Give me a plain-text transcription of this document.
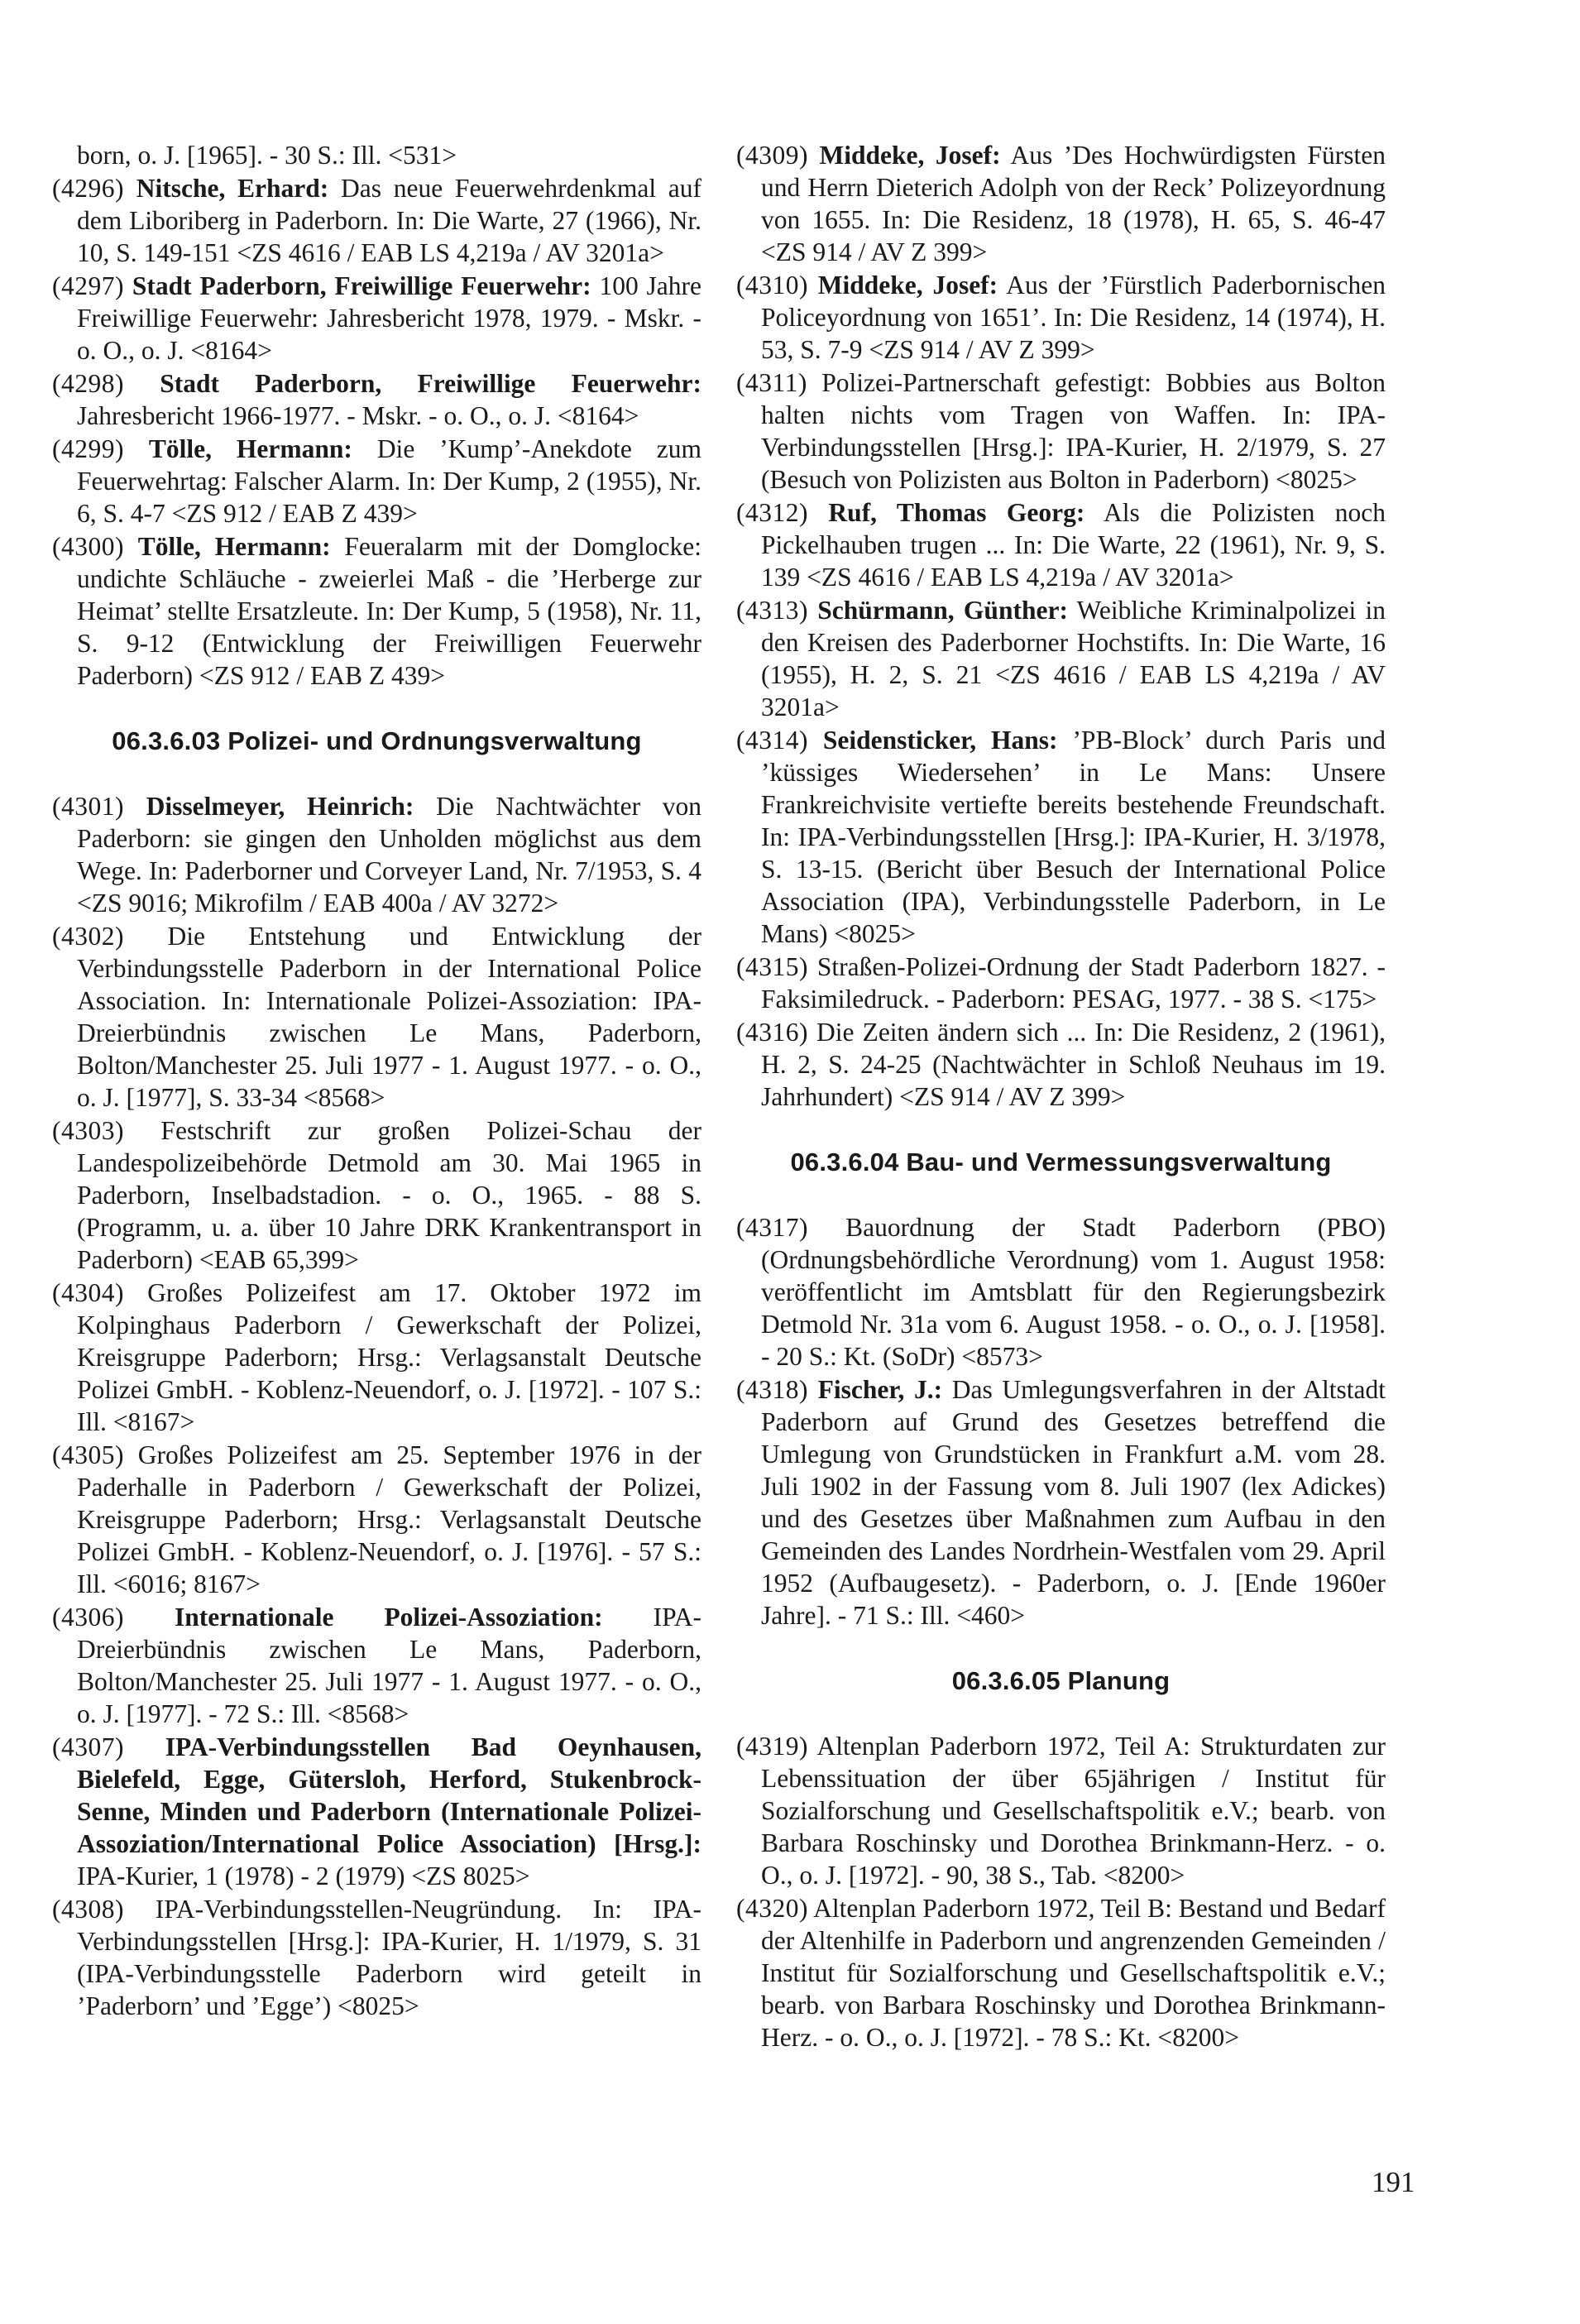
born, o. J. [1965]. - 30 S.: Ill. <531>

(4296) Nitsche, Erhard: Das neue Feuerwehrdenkmal auf dem Liboriberg in Paderborn. In: Die Warte, 27 (1966), Nr. 10, S. 149-151 <ZS 4616 / EAB LS 4,219a / AV 3201a>

(4297) Stadt Paderborn, Freiwillige Feuerwehr: 100 Jahre Freiwillige Feuerwehr: Jahresbericht 1978, 1979. - Mskr. - o. O., o. J. <8164>

(4298) Stadt Paderborn, Freiwillige Feuerwehr: Jahresbericht 1966-1977. - Mskr. - o. O., o. J. <8164>

(4299) Tölle, Hermann: Die ’Kump’-Anekdote zum Feuerwehrtag: Falscher Alarm. In: Der Kump, 2 (1955), Nr. 6, S. 4-7 <ZS 912 / EAB Z 439>

(4300) Tölle, Hermann: Feueralarm mit der Domglocke: undichte Schläuche - zweierlei Maß - die ’Herberge zur Heimat’ stellte Ersatzleute. In: Der Kump, 5 (1958), Nr. 11, S. 9-12 (Entwicklung der Freiwilligen Feuerwehr Paderborn) <ZS 912 / EAB Z 439>

06.3.6.03 Polizei- und Ordnungsverwaltung

(4301) Disselmeyer, Heinrich: Die Nachtwächter von Paderborn: sie gingen den Unholden möglichst aus dem Wege. In: Paderborner und Corveyer Land, Nr. 7/1953, S. 4 <ZS 9016; Mikrofilm / EAB 400a / AV 3272>

(4302) Die Entstehung und Entwicklung der Verbindungsstelle Paderborn in der International Police Association. In: Internationale Polizei-Assoziation: IPA-Dreierbündnis zwischen Le Mans, Paderborn, Bolton/Manchester 25. Juli 1977 - 1. August 1977. - o. O., o. J. [1977], S. 33-34 <8568>

(4303) Festschrift zur großen Polizei-Schau der Landespolizeibehörde Detmold am 30. Mai 1965 in Paderborn, Inselbadstadion. - o. O., 1965. - 88 S. (Programm, u. a. über 10 Jahre DRK Krankentransport in Paderborn) <EAB 65,399>

(4304) Großes Polizeifest am 17. Oktober 1972 im Kolpinghaus Paderborn / Gewerkschaft der Polizei, Kreisgruppe Paderborn; Hrsg.: Verlagsanstalt Deutsche Polizei GmbH. - Koblenz-Neuendorf, o. J. [1972]. - 107 S.: Ill. <8167>

(4305) Großes Polizeifest am 25. September 1976 in der Paderhalle in Paderborn / Gewerkschaft der Polizei, Kreisgruppe Paderborn; Hrsg.: Verlagsanstalt Deutsche Polizei GmbH. - Koblenz-Neuendorf, o. J. [1976]. - 57 S.: Ill. <6016; 8167>

(4306) Internationale Polizei-Assoziation: IPA-Dreierbündnis zwischen Le Mans, Paderborn, Bolton/Manchester 25. Juli 1977 - 1. August 1977. - o. O., o. J. [1977]. - 72 S.: Ill. <8568>

(4307) IPA-Verbindungsstellen Bad Oeynhausen, Bielefeld, Egge, Gütersloh, Herford, Stukenbrock-Senne, Minden und Paderborn (Internationale Polizei-Assoziation/International Police Association) [Hrsg.]: IPA-Kurier, 1 (1978) - 2 (1979) <ZS 8025>

(4308) IPA-Verbindungsstellen-Neugründung. In: IPA-Verbindungsstellen [Hrsg.]: IPA-Kurier, H. 1/1979, S. 31 (IPA-Verbindungsstelle Paderborn wird geteilt in ’Paderborn’ und ’Egge’) <8025>

(4309) Middeke, Josef: Aus ’Des Hochwürdigsten Fürsten und Herrn Dieterich Adolph von der Reck’ Polizeyordnung von 1655. In: Die Residenz, 18 (1978), H. 65, S. 46-47 <ZS 914 / AV Z 399>

(4310) Middeke, Josef: Aus der ’Fürstlich Paderbornischen Policeyordnung von 1651’. In: Die Residenz, 14 (1974), H. 53, S. 7-9 <ZS 914 / AV Z 399>

(4311) Polizei-Partnerschaft gefestigt: Bobbies aus Bolton halten nichts vom Tragen von Waffen. In: IPA-Verbindungsstellen [Hrsg.]: IPA-Kurier, H. 2/1979, S. 27 (Besuch von Polizisten aus Bolton in Paderborn) <8025>

(4312) Ruf, Thomas Georg: Als die Polizisten noch Pickelhauben trugen ... In: Die Warte, 22 (1961), Nr. 9, S. 139 <ZS 4616 / EAB LS 4,219a / AV 3201a>

(4313) Schürmann, Günther: Weibliche Kriminalpolizei in den Kreisen des Paderborner Hochstifts. In: Die Warte, 16 (1955), H. 2, S. 21 <ZS 4616 / EAB LS 4,219a / AV 3201a>

(4314) Seidensticker, Hans: ’PB-Block’ durch Paris und ’küssiges Wiedersehen’ in Le Mans: Unsere Frankreichvisite vertiefte bereits bestehende Freundschaft. In: IPA-Verbindungsstellen [Hrsg.]: IPA-Kurier, H. 3/1978, S. 13-15. (Bericht über Besuch der International Police Association (IPA), Verbindungsstelle Paderborn, in Le Mans) <8025>

(4315) Straßen-Polizei-Ordnung der Stadt Paderborn 1827. - Faksimiledruck. - Paderborn: PESAG, 1977. - 38 S. <175>

(4316) Die Zeiten ändern sich ... In: Die Residenz, 2 (1961), H. 2, S. 24-25 (Nachtwächter in Schloß Neuhaus im 19. Jahrhundert) <ZS 914 / AV Z 399>

06.3.6.04 Bau- und Vermessungsverwaltung

(4317) Bauordnung der Stadt Paderborn (PBO) (Ordnungsbehördliche Verordnung) vom 1. August 1958: veröffentlicht im Amtsblatt für den Regierungsbezirk Detmold Nr. 31a vom 6. August 1958. - o. O., o. J. [1958]. - 20 S.: Kt. (SoDr) <8573>

(4318) Fischer, J.: Das Umlegungsverfahren in der Altstadt Paderborn auf Grund des Gesetzes betreffend die Umlegung von Grundstücken in Frankfurt a.M. vom 28. Juli 1902 in der Fassung vom 8. Juli 1907 (lex Adickes) und des Gesetzes über Maßnahmen zum Aufbau in den Gemeinden des Landes Nordrhein-Westfalen vom 29. April 1952 (Aufbaugesetz). - Paderborn, o. J. [Ende 1960er Jahre]. - 71 S.: Ill. <460>

06.3.6.05 Planung

(4319) Altenplan Paderborn 1972, Teil A: Strukturdaten zur Lebenssituation der über 65jährigen / Institut für Sozialforschung und Gesellschaftspolitik e.V.; bearb. von Barbara Roschinsky und Dorothea Brinkmann-Herz. - o. O., o. J. [1972]. - 90, 38 S., Tab. <8200>

(4320) Altenplan Paderborn 1972, Teil B: Bestand und Bedarf der Altenhilfe in Paderborn und angrenzenden Gemeinden / Institut für Sozialforschung und Gesellschaftspolitik e.V.; bearb. von Barbara Roschinsky und Dorothea Brinkmann-Herz. - o. O., o. J. [1972]. - 78 S.: Kt. <8200>

191
